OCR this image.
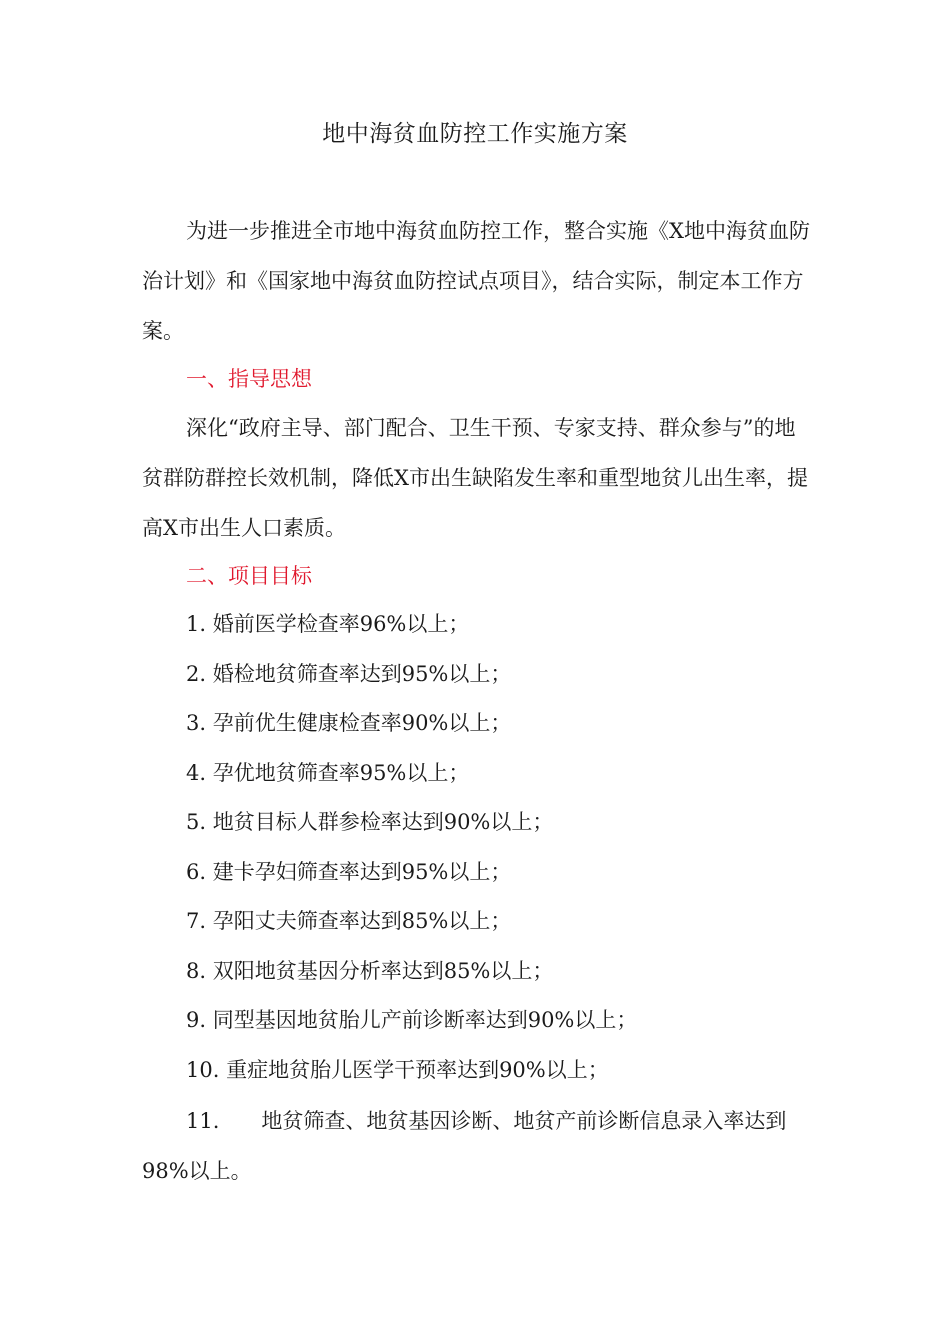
地中海贫血防控工作实施方案

为进一步推进全市地中海贫血防控工作，整合实施《X地中海贫血防治计划》和《国家地中海贫血防控试点项目》，结合实际，制定本工作方案。

一、指导思想

深化“政府主导、部门配合、卫生干预、专家支持、群众参与”的地贫群防群控长效机制，降低X市出生缺陷发生率和重型地贫儿出生率，提高X市出生人口素质。

二、项目目标

1. 婚前医学检查率96%以上；
2. 婚检地贫筛查率达到95%以上；
3. 孕前优生健康检查率90%以上；
4. 孕优地贫筛查率95%以上；
5. 地贫目标人群参检率达到90%以上；
6. 建卡孕妇筛查率达到95%以上；
7. 孕阳丈夫筛查率达到85%以上；
8. 双阳地贫基因分析率达到85%以上；
9. 同型基因地贫胎儿产前诊断率达到90%以上；
10. 重症地贫胎儿医学干预率达到90%以上；
11. 地贫筛查、地贫基因诊断、地贫产前诊断信息录入率达到98%以上。
